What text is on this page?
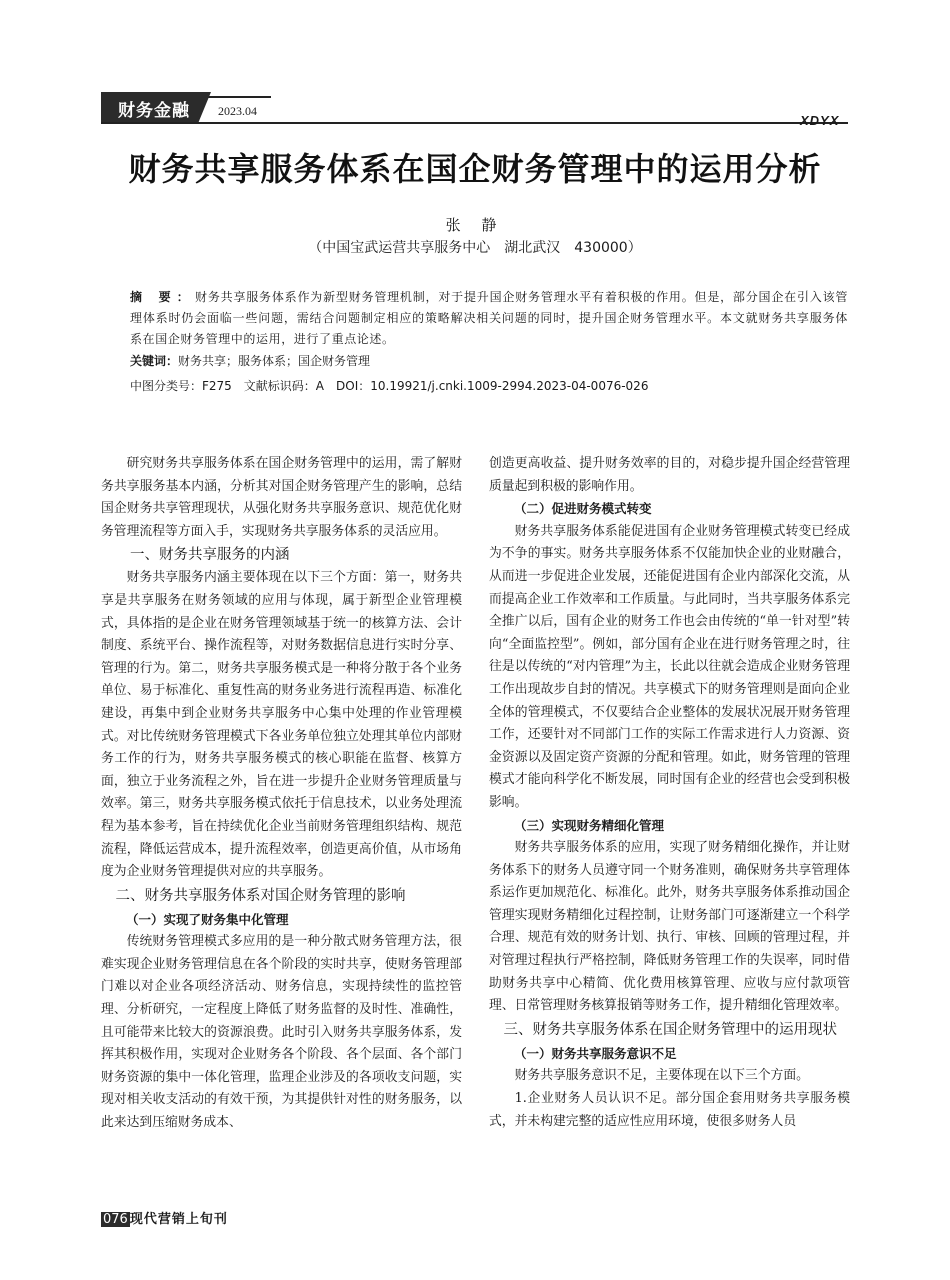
财务金融 2023.04
XDYX
财务共享服务体系在国企财务管理中的运用分析
张 静
（中国宝武运营共享服务中心　湖北武汉　430000）
摘 要：财务共享服务体系作为新型财务管理机制，对于提升国企财务管理水平有着积极的作用。但是，部分国企在引入该管理体系时仍会面临一些问题，需结合问题制定相应的策略解决相关问题的同时，提升国企财务管理水平。本文就财务共享服务体系在国企财务管理中的运用，进行了重点论述。
关键词：财务共享；服务体系；国企财务管理
中图分类号：F275　文献标识码：A　DOI：10.19921/j.cnki.1009-2994.2023-04-0076-026

研究财务共享服务体系在国企财务管理中的运用，需了解财务共享服务基本内涵，分析其对国企财务管理产生的影响，总结国企财务共享管理现状，从强化财务共享服务意识、规范优化财务管理流程等方面入手，实现财务共享服务体系的灵活应用。

一、财务共享服务的内涵

财务共享服务内涵主要体现在以下三个方面：第一，财务共享是共享服务在财务领域的应用与体现，属于新型企业管理模式，具体指的是企业在财务管理领域基于统一的核算方法、会计制度、系统平台、操作流程等，对财务数据信息进行实时分享、管理的行为。第二，财务共享服务模式是一种将分散于各个业务单位、易于标准化、重复性高的财务业务进行流程再造、标准化建设，再集中到企业财务共享服务中心集中处理的作业管理模式。对比传统财务管理模式下各业务单位独立处理其单位内部财务工作的行为，财务共享服务模式的核心职能在监督、核算方面，独立于业务流程之外，旨在进一步提升企业财务管理质量与效率。第三，财务共享服务模式依托于信息技术，以业务处理流程为基本参考，旨在持续优化企业当前财务管理组织结构、规范流程，降低运营成本，提升流程效率，创造更高价值，从市场角度为企业财务管理提供对应的共享服务。

二、财务共享服务体系对国企财务管理的影响
（一）实现了财务集中化管理

传统财务管理模式多应用的是一种分散式财务管理方法，很难实现企业财务管理信息在各个阶段的实时共享，使财务管理部门难以对企业各项经济活动、财务信息，实现持续性的监控管理、分析研究，一定程度上降低了财务监督的及时性、准确性，且可能带来比较大的资源浪费。此时引入财务共享服务体系，发挥其积极作用，实现对企业财务各个阶段、各个层面、各个部门财务资源的集中一体化管理，监理企业涉及的各项收支问题，实现对相关收支活动的有效干预，为其提供针对性的财务服务，以此来达到压缩财务成本、

创造更高收益、提升财务效率的目的，对稳步提升国企经营管理质量起到积极的影响作用。

（二）促进财务模式转变

财务共享服务体系能促进国有企业财务管理模式转变已经成为不争的事实。财务共享服务体系不仅能加快企业的业财融合，从而进一步促进企业发展，还能促进国有企业内部深化交流，从而提高企业工作效率和工作质量。与此同时，当共享服务体系完全推广以后，国有企业的财务工作也会由传统的“单一针对型”转向“全面监控型”。例如，部分国有企业在进行财务管理之时，往往是以传统的“对内管理”为主，长此以往就会造成企业财务管理工作出现故步自封的情况。共享模式下的财务管理则是面向企业全体的管理模式，不仅要结合企业整体的发展状况展开财务管理工作，还要针对不同部门工作的实际工作需求进行人力资源、资金资源以及固定资产资源的分配和管理。如此，财务管理的管理模式才能向科学化不断发展，同时国有企业的经营也会受到积极影响。

（三）实现财务精细化管理

财务共享服务体系的应用，实现了财务精细化操作，并让财务体系下的财务人员遵守同一个财务准则，确保财务共享管理体系运作更加规范化、标准化。此外，财务共享服务体系推动国企管理实现财务精细化过程控制，让财务部门可逐渐建立一个科学合理、规范有效的财务计划、执行、审核、回顾的管理过程，并对管理过程执行严格控制，降低财务管理工作的失误率，同时借助财务共享中心精简、优化费用核算管理、应收与应付款项管理、日常管理财务核算报销等财务工作，提升精细化管理效率。

三、财务共享服务体系在国企财务管理中的运用现状
（一）财务共享服务意识不足

财务共享服务意识不足，主要体现在以下三个方面。

1.企业财务人员认识不足。部分国企套用财务共享服务模式，并未构建完整的适应性应用环境，使很多财务人员

076 现代营销上旬刊
